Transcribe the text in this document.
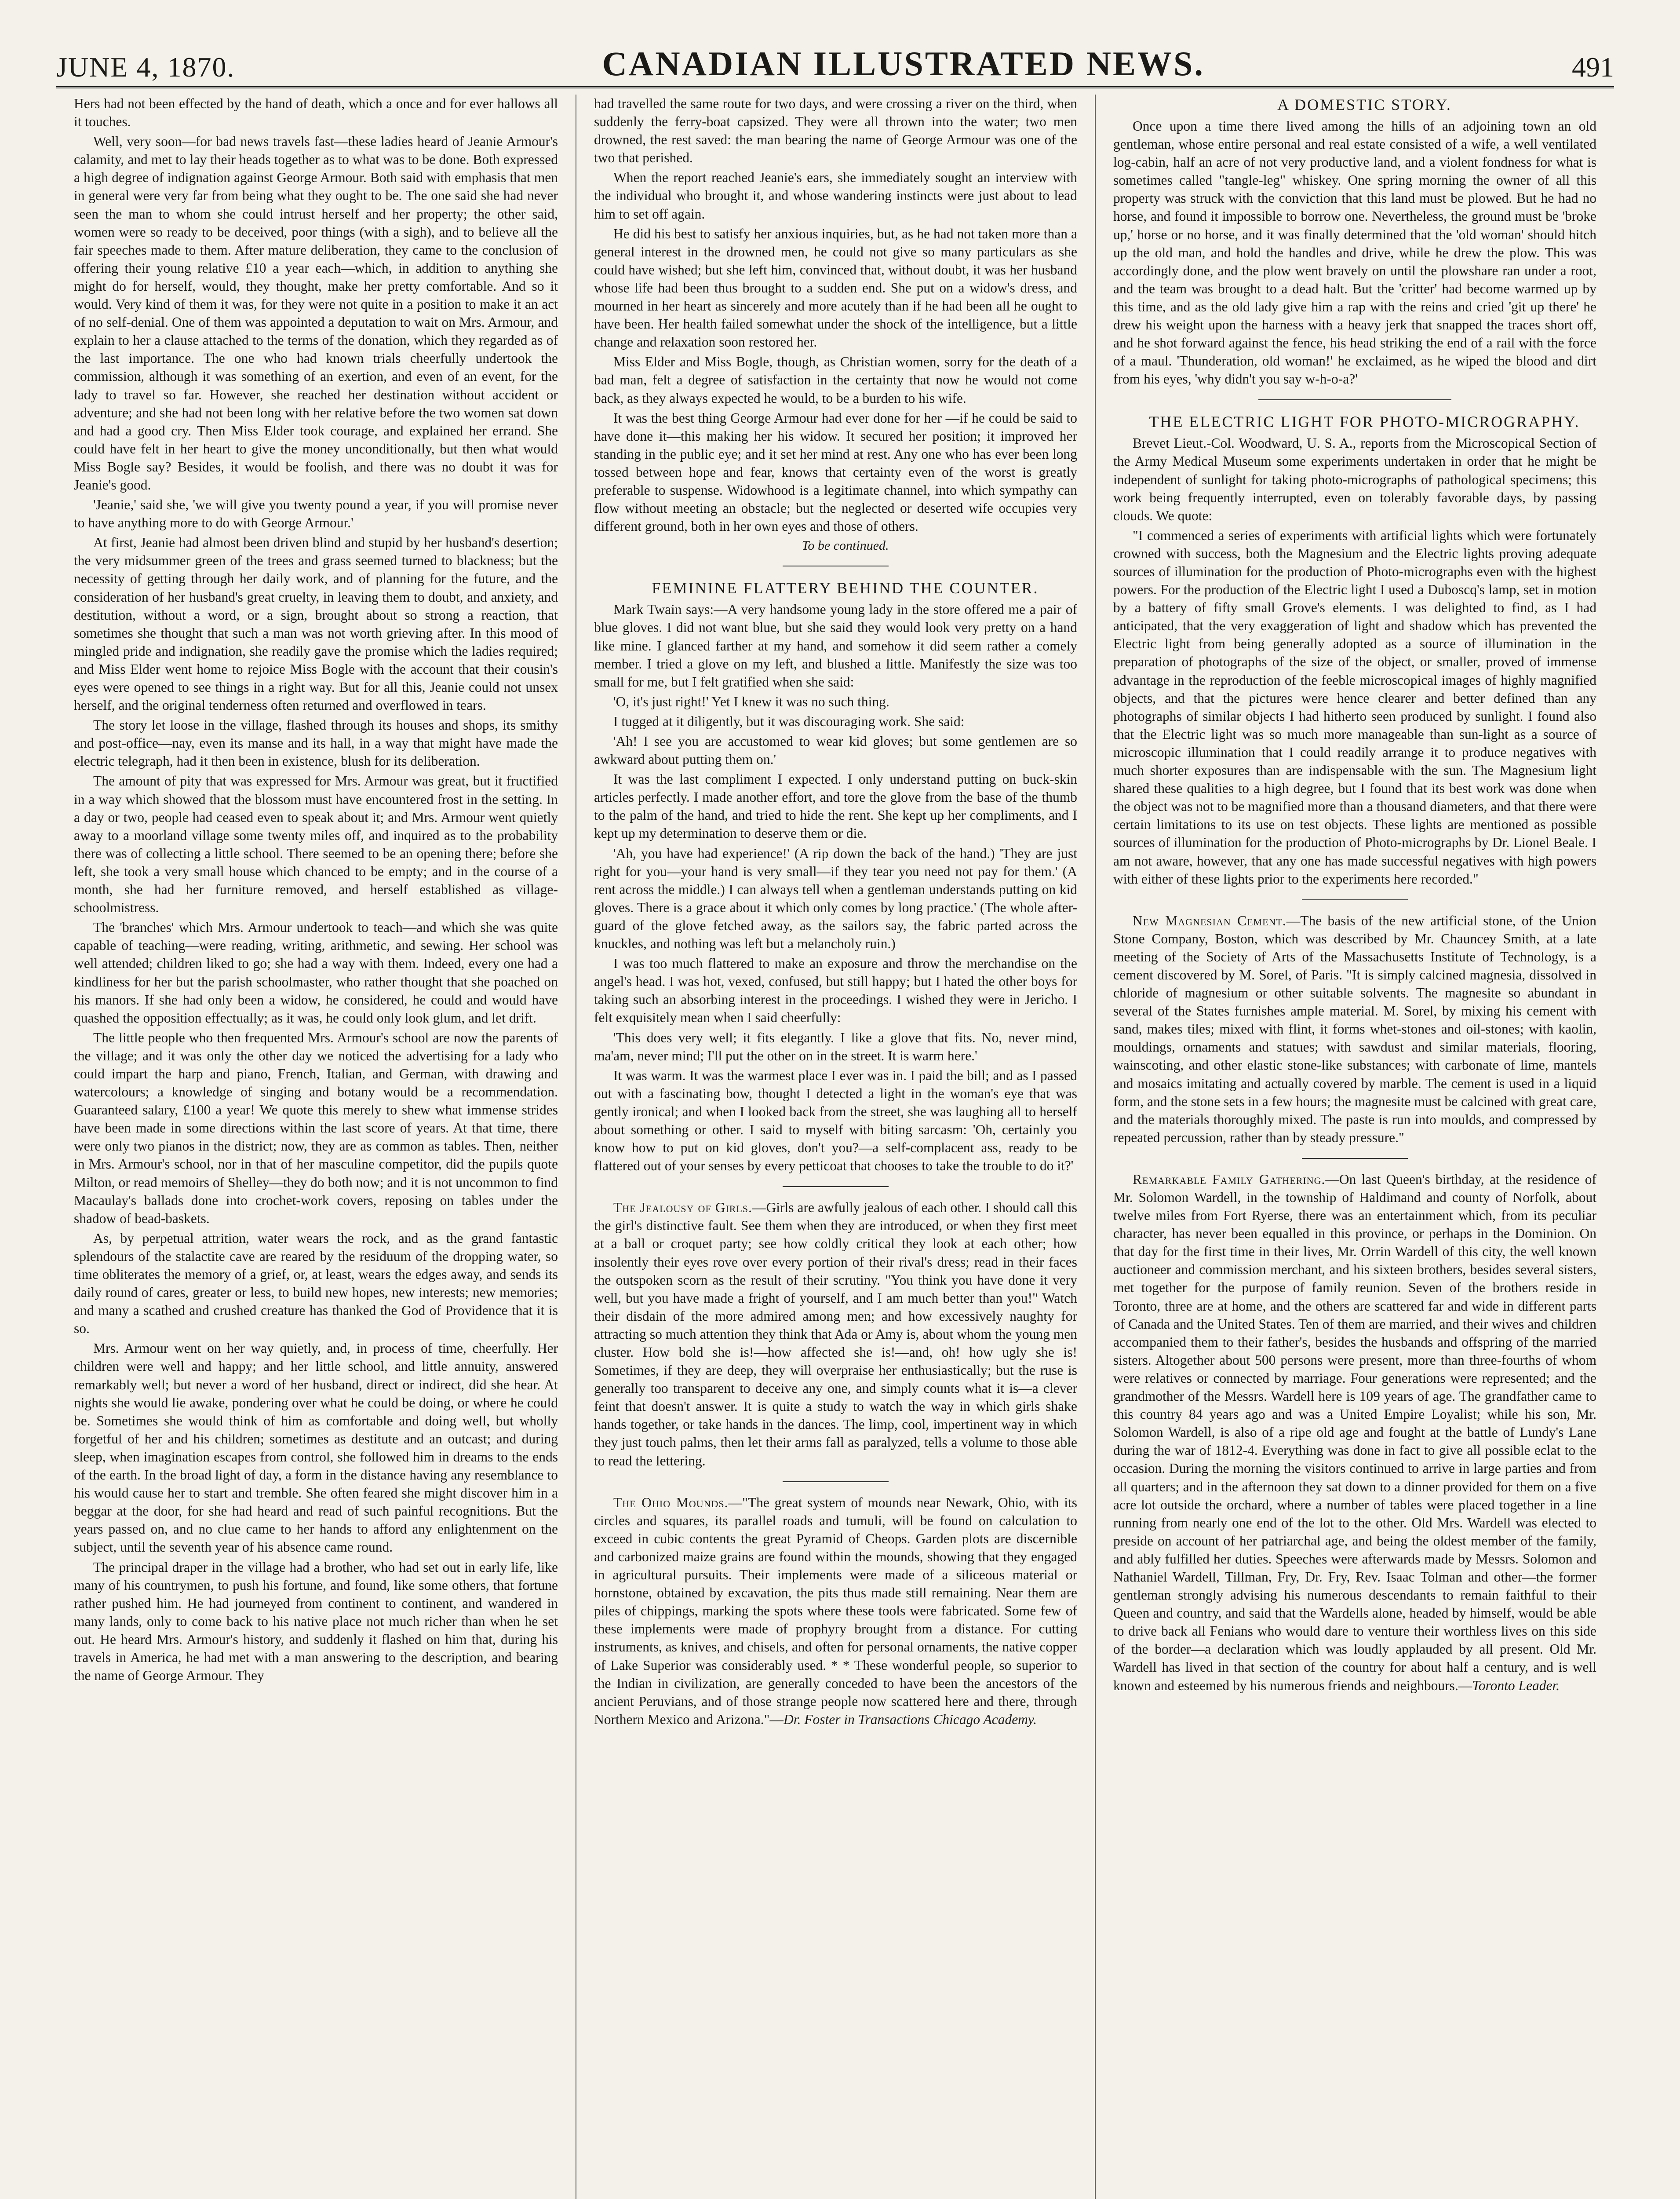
JUNE 4, 1870.	CANADIAN ILLUSTRATED NEWS.	491

Hers had not been effected by the hand of death, which a once and for ever hallows all it touches.

Well, very soon—for bad news travels fast—these ladies heard of Jeanie Armour's calamity, and met to lay their heads together as to what was to be done. Both expressed a high degree of indignation against George Armour. Both said with emphasis that men in general were very far from being what they ought to be. The one said she had never seen the man to whom she could intrust herself and her property; the other said, women were so ready to be deceived, poor things (with a sigh), and to believe all the fair speeches made to them. After mature deliberation, they came to the conclusion of offering their young relative £10 a year each—which, in addition to anything she might do for herself, would, they thought, make her pretty comfortable. And so it would. Very kind of them it was, for they were not quite in a position to make it an act of no self-denial. One of them was appointed a deputation to wait on Mrs. Armour, and explain to her a clause attached to the terms of the donation, which they regarded as of the last importance. The one who had known trials cheerfully undertook the commission, although it was something of an exertion, and even of an event, for the lady to travel so far. However, she reached her destination without accident or adventure; and she had not been long with her relative before the two women sat down and had a good cry. Then Miss Elder took courage, and explained her errand. She could have felt in her heart to give the money unconditionally, but then what would Miss Bogle say? Besides, it would be foolish, and there was no doubt it was for Jeanie's good.

'Jeanie,' said she, 'we will give you twenty pound a year, if you will promise never to have anything more to do with George Armour.'

At first, Jeanie had almost been driven blind and stupid by her husband's desertion; the very midsummer green of the trees and grass seemed turned to blackness; but the necessity of getting through her daily work, and of planning for the future, and the consideration of her husband's great cruelty, in leaving them to doubt, and anxiety, and destitution, without a word, or a sign, brought about so strong a reaction, that sometimes she thought that such a man was not worth grieving after. In this mood of mingled pride and indignation, she readily gave the promise which the ladies required; and Miss Elder went home to rejoice Miss Bogle with the account that their cousin's eyes were opened to see things in a right way. But for all this, Jeanie could not unsex herself, and the original tenderness often returned and overflowed in tears.

The story let loose in the village, flashed through its houses and shops, its smithy and post-office—nay, even its manse and its hall, in a way that might have made the electric telegraph, had it then been in existence, blush for its deliberation.

The amount of pity that was expressed for Mrs. Armour was great, but it fructified in a way which showed that the blossom must have encountered frost in the setting. In a day or two, people had ceased even to speak about it; and Mrs. Armour went quietly away to a moorland village some twenty miles off, and inquired as to the probability there was of collecting a little school. There seemed to be an opening there; before she left, she took a very small house which chanced to be empty; and in the course of a month, she had her furniture removed, and herself established as village-schoolmistress.

The 'branches' which Mrs. Armour undertook to teach—and which she was quite capable of teaching—were reading, writing, arithmetic, and sewing. Her school was well attended; children liked to go; she had a way with them. Indeed, every one had a kindliness for her but the parish schoolmaster, who rather thought that she poached on his manors. If she had only been a widow, he considered, he could and would have quashed the opposition effectually; as it was, he could only look glum, and let drift.

The little people who then frequented Mrs. Armour's school are now the parents of the village; and it was only the other day we noticed the advertising for a lady who could impart the harp and piano, French, Italian, and German, with drawing and watercolours; a knowledge of singing and botany would be a recommendation. Guaranteed salary, £100 a year! We quote this merely to shew what immense strides have been made in some directions within the last score of years. At that time, there were only two pianos in the district; now, they are as common as tables. Then, neither in Mrs. Armour's school, nor in that of her masculine competitor, did the pupils quote Milton, or read memoirs of Shelley—they do both now; and it is not uncommon to find Macaulay's ballads done into crochet-work covers, reposing on tables under the shadow of bead-baskets.

As, by perpetual attrition, water wears the rock, and as the grand fantastic splendours of the stalactite cave are reared by the residuum of the dropping water, so time obliterates the memory of a grief, or, at least, wears the edges away, and sends its daily round of cares, greater or less, to build new hopes, new interests; new memories; and many a scathed and crushed creature has thanked the God of Providence that it is so.

Mrs. Armour went on her way quietly, and, in process of time, cheerfully. Her children were well and happy; and her little school, and little annuity, answered remarkably well; but never a word of her husband, direct or indirect, did she hear. At nights she would lie awake, pondering over what he could be doing, or where he could be. Sometimes she would think of him as comfortable and doing well, but wholly forgetful of her and his children; sometimes as destitute and an outcast; and during sleep, when imagination escapes from control, she followed him in dreams to the ends of the earth. In the broad light of day, a form in the distance having any resemblance to his would cause her to start and tremble. She often feared she might discover him in a beggar at the door, for she had heard and read of such painful recognitions. But the years passed on, and no clue came to her hands to afford any enlightenment on the subject, until the seventh year of his absence came round.

The principal draper in the village had a brother, who had set out in early life, like many of his countrymen, to push his fortune, and found, like some others, that fortune rather pushed him. He had journeyed from continent to continent, and wandered in many lands, only to come back to his native place not much richer than when he set out. He heard Mrs. Armour's history, and suddenly it flashed on him that, during his travels in America, he had met with a man answering to the description, and bearing the name of George Armour. They

had travelled the same route for two days, and were crossing a river on the third, when suddenly the ferry-boat capsized. They were all thrown into the water; two men drowned, the rest saved: the man bearing the name of George Armour was one of the two that perished.

When the report reached Jeanie's ears, she immediately sought an interview with the individual who brought it, and whose wandering instincts were just about to lead him to set off again.

He did his best to satisfy her anxious inquiries, but, as he had not taken more than a general interest in the drowned men, he could not give so many particulars as she could have wished; but she left him, convinced that, without doubt, it was her husband whose life had been thus brought to a sudden end. She put on a widow's dress, and mourned in her heart as sincerely and more acutely than if he had been all he ought to have been. Her health failed somewhat under the shock of the intelligence, but a little change and relaxation soon restored her.

Miss Elder and Miss Bogle, though, as Christian women, sorry for the death of a bad man, felt a degree of satisfaction in the certainty that now he would not come back, as they always expected he would, to be a burden to his wife.

It was the best thing George Armour had ever done for her —if he could be said to have done it—this making her his widow. It secured her position; it improved her standing in the public eye; and it set her mind at rest. Any one who has ever been long tossed between hope and fear, knows that certainty even of the worst is greatly preferable to suspense. Widowhood is a legitimate channel, into which sympathy can flow without meeting an obstacle; but the neglected or deserted wife occupies very different ground, both in her own eyes and those of others.

To be continued.

FEMININE FLATTERY BEHIND THE COUNTER.

Mark Twain says:—A very handsome young lady in the store offered me a pair of blue gloves. I did not want blue, but she said they would look very pretty on a hand like mine. I glanced farther at my hand, and somehow it did seem rather a comely member. I tried a glove on my left, and blushed a little. Manifestly the size was too small for me, but I felt gratified when she said:

'O, it's just right!' Yet I knew it was no such thing.

I tugged at it diligently, but it was discouraging work. She said:

'Ah! I see you are accustomed to wear kid gloves; but some gentlemen are so awkward about putting them on.'

It was the last compliment I expected. I only understand putting on buck-skin articles perfectly. I made another effort, and tore the glove from the base of the thumb to the palm of the hand, and tried to hide the rent. She kept up her compliments, and I kept up my determination to deserve them or die.

'Ah, you have had experience!' (A rip down the back of the hand.) 'They are just right for you—your hand is very small—if they tear you need not pay for them.' (A rent across the middle.) I can always tell when a gentleman understands putting on kid gloves. There is a grace about it which only comes by long practice.' (The whole after-guard of the glove fetched away, as the sailors say, the fabric parted across the knuckles, and nothing was left but a melancholy ruin.)

I was too much flattered to make an exposure and throw the merchandise on the angel's head. I was hot, vexed, confused, but still happy; but I hated the other boys for taking such an absorbing interest in the proceedings. I wished they were in Jericho. I felt exquisitely mean when I said cheerfully:

'This does very well; it fits elegantly. I like a glove that fits. No, never mind, ma'am, never mind; I'll put the other on in the street. It is warm here.'

It was warm. It was the warmest place I ever was in. I paid the bill; and as I passed out with a fascinating bow, thought I detected a light in the woman's eye that was gently ironical; and when I looked back from the street, she was laughing all to herself about something or other. I said to myself with biting sarcasm: 'Oh, certainly you know how to put on kid gloves, don't you?—a self-complacent ass, ready to be flattered out of your senses by every petticoat that chooses to take the trouble to do it?'

The Jealousy of Girls.—Girls are awfully jealous of each other. I should call this the girl's distinctive fault. See them when they are introduced, or when they first meet at a ball or croquet party; see how coldly critical they look at each other; how insolently their eyes rove over every portion of their rival's dress; read in their faces the outspoken scorn as the result of their scrutiny. "You think you have done it very well, but you have made a fright of yourself, and I am much better than you!" Watch their disdain of the more admired among men; and how excessively naughty for attracting so much attention they think that Ada or Amy is, about whom the young men cluster. How bold she is!—how affected she is!—and, oh! how ugly she is! Sometimes, if they are deep, they will overpraise her enthusiastically; but the ruse is generally too transparent to deceive any one, and simply counts what it is—a clever feint that doesn't answer. It is quite a study to watch the way in which girls shake hands together, or take hands in the dances. The limp, cool, impertinent way in which they just touch palms, then let their arms fall as paralyzed, tells a volume to those able to read the lettering.

The Ohio Mounds.—"The great system of mounds near Newark, Ohio, with its circles and squares, its parallel roads and tumuli, will be found on calculation to exceed in cubic contents the great Pyramid of Cheops. Garden plots are discernible and carbonized maize grains are found within the mounds, showing that they engaged in agricultural pursuits. Their implements were made of a siliceous material or hornstone, obtained by excavation, the pits thus made still remaining. Near them are piles of chippings, marking the spots where these tools were fabricated. Some few of these implements were made of prophyry brought from a distance. For cutting instruments, as knives, and chisels, and often for personal ornaments, the native copper of Lake Superior was considerably used. * * These wonderful people, so superior to the Indian in civilization, are generally conceded to have been the ancestors of the ancient Peruvians, and of those strange people now scattered here and there, through Northern Mexico and Arizona."—Dr. Foster in Transactions Chicago Academy.

A DOMESTIC STORY.

Once upon a time there lived among the hills of an adjoining town an old gentleman, whose entire personal and real estate consisted of a wife, a well ventilated log-cabin, half an acre of not very productive land, and a violent fondness for what is sometimes called "tangle-leg" whiskey. One spring morning the owner of all this property was struck with the conviction that this land must be plowed. But he had no horse, and found it impossible to borrow one. Nevertheless, the ground must be 'broke up,' horse or no horse, and it was finally determined that the 'old woman' should hitch up the old man, and hold the handles and drive, while he drew the plow. This was accordingly done, and the plow went bravely on until the plowshare ran under a root, and the team was brought to a dead halt. But the 'critter' had become warmed up by this time, and as the old lady give him a rap with the reins and cried 'git up there' he drew his weight upon the harness with a heavy jerk that snapped the traces short off, and he shot forward against the fence, his head striking the end of a rail with the force of a maul. 'Thunderation, old woman!' he exclaimed, as he wiped the blood and dirt from his eyes, 'why didn't you say w-h-o-a?'

THE ELECTRIC LIGHT FOR PHOTO-MICROGRAPHY.

Brevet Lieut.-Col. Woodward, U. S. A., reports from the Microscopical Section of the Army Medical Museum some experiments undertaken in order that he might be independent of sunlight for taking photo-micrographs of pathological specimens; this work being frequently interrupted, even on tolerably favorable days, by passing clouds. We quote:

"I commenced a series of experiments with artificial lights which were fortunately crowned with success, both the Magnesium and the Electric lights proving adequate sources of illumination for the production of Photo-micrographs even with the highest powers. For the production of the Electric light I used a Duboscq's lamp, set in motion by a battery of fifty small Grove's elements. I was delighted to find, as I had anticipated, that the very exaggeration of light and shadow which has prevented the Electric light from being generally adopted as a source of illumination in the preparation of photographs of the size of the object, or smaller, proved of immense advantage in the reproduction of the feeble microscopical images of highly magnified objects, and that the pictures were hence clearer and better defined than any photographs of similar objects I had hitherto seen produced by sunlight. I found also that the Electric light was so much more manageable than sun-light as a source of microscopic illumination that I could readily arrange it to produce negatives with much shorter exposures than are indispensable with the sun. The Magnesium light shared these qualities to a high degree, but I found that its best work was done when the object was not to be magnified more than a thousand diameters, and that there were certain limitations to its use on test objects. These lights are mentioned as possible sources of illumination for the production of Photo-micrographs by Dr. Lionel Beale. I am not aware, however, that any one has made successful negatives with high powers with either of these lights prior to the experiments here recorded."

New Magnesian Cement.—The basis of the new artificial stone, of the Union Stone Company, Boston, which was described by Mr. Chauncey Smith, at a late meeting of the Society of Arts of the Massachusetts Institute of Technology, is a cement discovered by M. Sorel, of Paris. "It is simply calcined magnesia, dissolved in chloride of magnesium or other suitable solvents. The magnesite so abundant in several of the States furnishes ample material. M. Sorel, by mixing his cement with sand, makes tiles; mixed with flint, it forms whet-stones and oil-stones; with kaolin, mouldings, ornaments and statues; with sawdust and similar materials, flooring, wainscoting, and other elastic stone-like substances; with carbonate of lime, mantels and mosaics imitating and actually covered by marble. The cement is used in a liquid form, and the stone sets in a few hours; the magnesite must be calcined with great care, and the materials thoroughly mixed. The paste is run into moulds, and compressed by repeated percussion, rather than by steady pressure."

Remarkable Family Gathering.—On last Queen's birthday, at the residence of Mr. Solomon Wardell, in the township of Haldimand and county of Norfolk, about twelve miles from Fort Ryerse, there was an entertainment which, from its peculiar character, has never been equalled in this province, or perhaps in the Dominion. On that day for the first time in their lives, Mr. Orrin Wardell of this city, the well known auctioneer and commission merchant, and his sixteen brothers, besides several sisters, met together for the purpose of family reunion. Seven of the brothers reside in Toronto, three are at home, and the others are scattered far and wide in different parts of Canada and the United States. Ten of them are married, and their wives and children accompanied them to their father's, besides the husbands and offspring of the married sisters. Altogether about 500 persons were present, more than three-fourths of whom were relatives or connected by marriage. Four generations were represented; and the grandmother of the Messrs. Wardell here is 109 years of age. The grandfather came to this country 84 years ago and was a United Empire Loyalist; while his son, Mr. Solomon Wardell, is also of a ripe old age and fought at the battle of Lundy's Lane during the war of 1812-4. Everything was done in fact to give all possible eclat to the occasion. During the morning the visitors continued to arrive in large parties and from all quarters; and in the afternoon they sat down to a dinner provided for them on a five acre lot outside the orchard, where a number of tables were placed together in a line running from nearly one end of the lot to the other. Old Mrs. Wardell was elected to preside on account of her patriarchal age, and being the oldest member of the family, and ably fulfilled her duties. Speeches were afterwards made by Messrs. Solomon and Nathaniel Wardell, Tillman, Fry, Dr. Fry, Rev. Isaac Tolman and other—the former gentleman strongly advising his numerous descendants to remain faithful to their Queen and country, and said that the Wardells alone, headed by himself, would be able to drive back all Fenians who would dare to venture their worthless lives on this side of the border—a declaration which was loudly applauded by all present. Old Mr. Wardell has lived in that section of the country for about half a century, and is well known and esteemed by his numerous friends and neighbours.—Toronto Leader.
